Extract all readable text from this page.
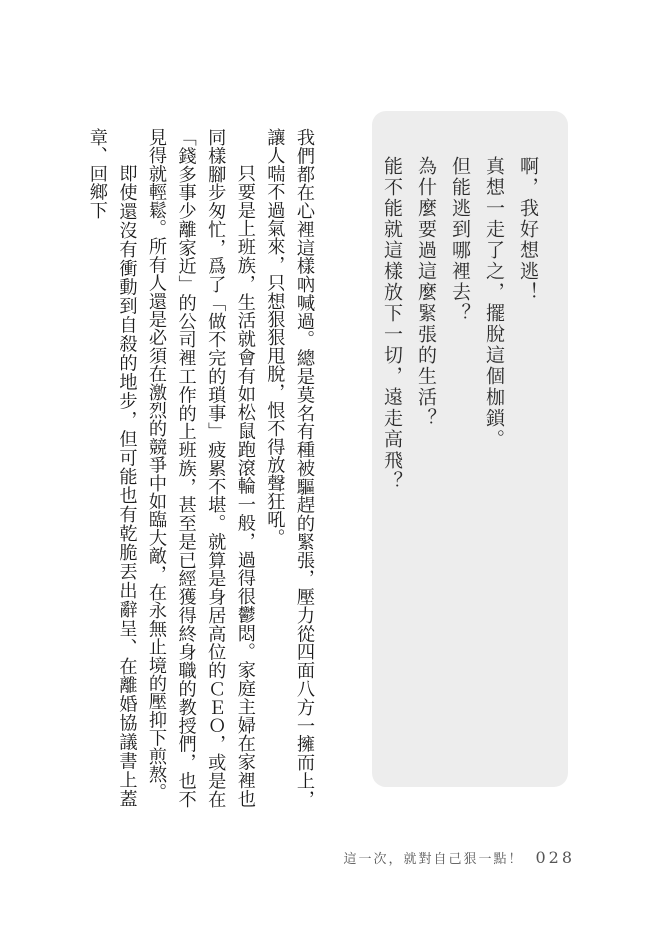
啊，我好想逃！
真想一走了之，擺脫這個枷鎖。
但能逃到哪裡去？
為什麼要過這麼緊張的生活？
能不能就這樣放下一切，遠走高飛？
我們都在心裡這樣吶喊過。總是莫名有種被驅趕的緊張，壓力從四面八方一擁而上，讓人喘不過氣來，只想狠狠甩脫，恨不得放聲狂吼。
只要是上班族，生活就會有如松鼠跑滾輪一般，過得很鬱悶。家庭主婦在家裡也同樣腳步匆忙，爲了「做不完的瑣事」疲累不堪。就算是身居高位的ＣＥＯ，或是在「錢多事少離家近」的公司裡工作的上班族，甚至是已經獲得終身職的教授們，也不見得就輕鬆。所有人還是必須在激烈的競爭中如臨大敵，在永無止境的壓抑下煎熬。
即使還沒有衝動到自殺的地步，但可能也有乾脆丟出辭呈、在離婚協議書上蓋章、回鄉下
這一次，就對自己狠一點！ 028
